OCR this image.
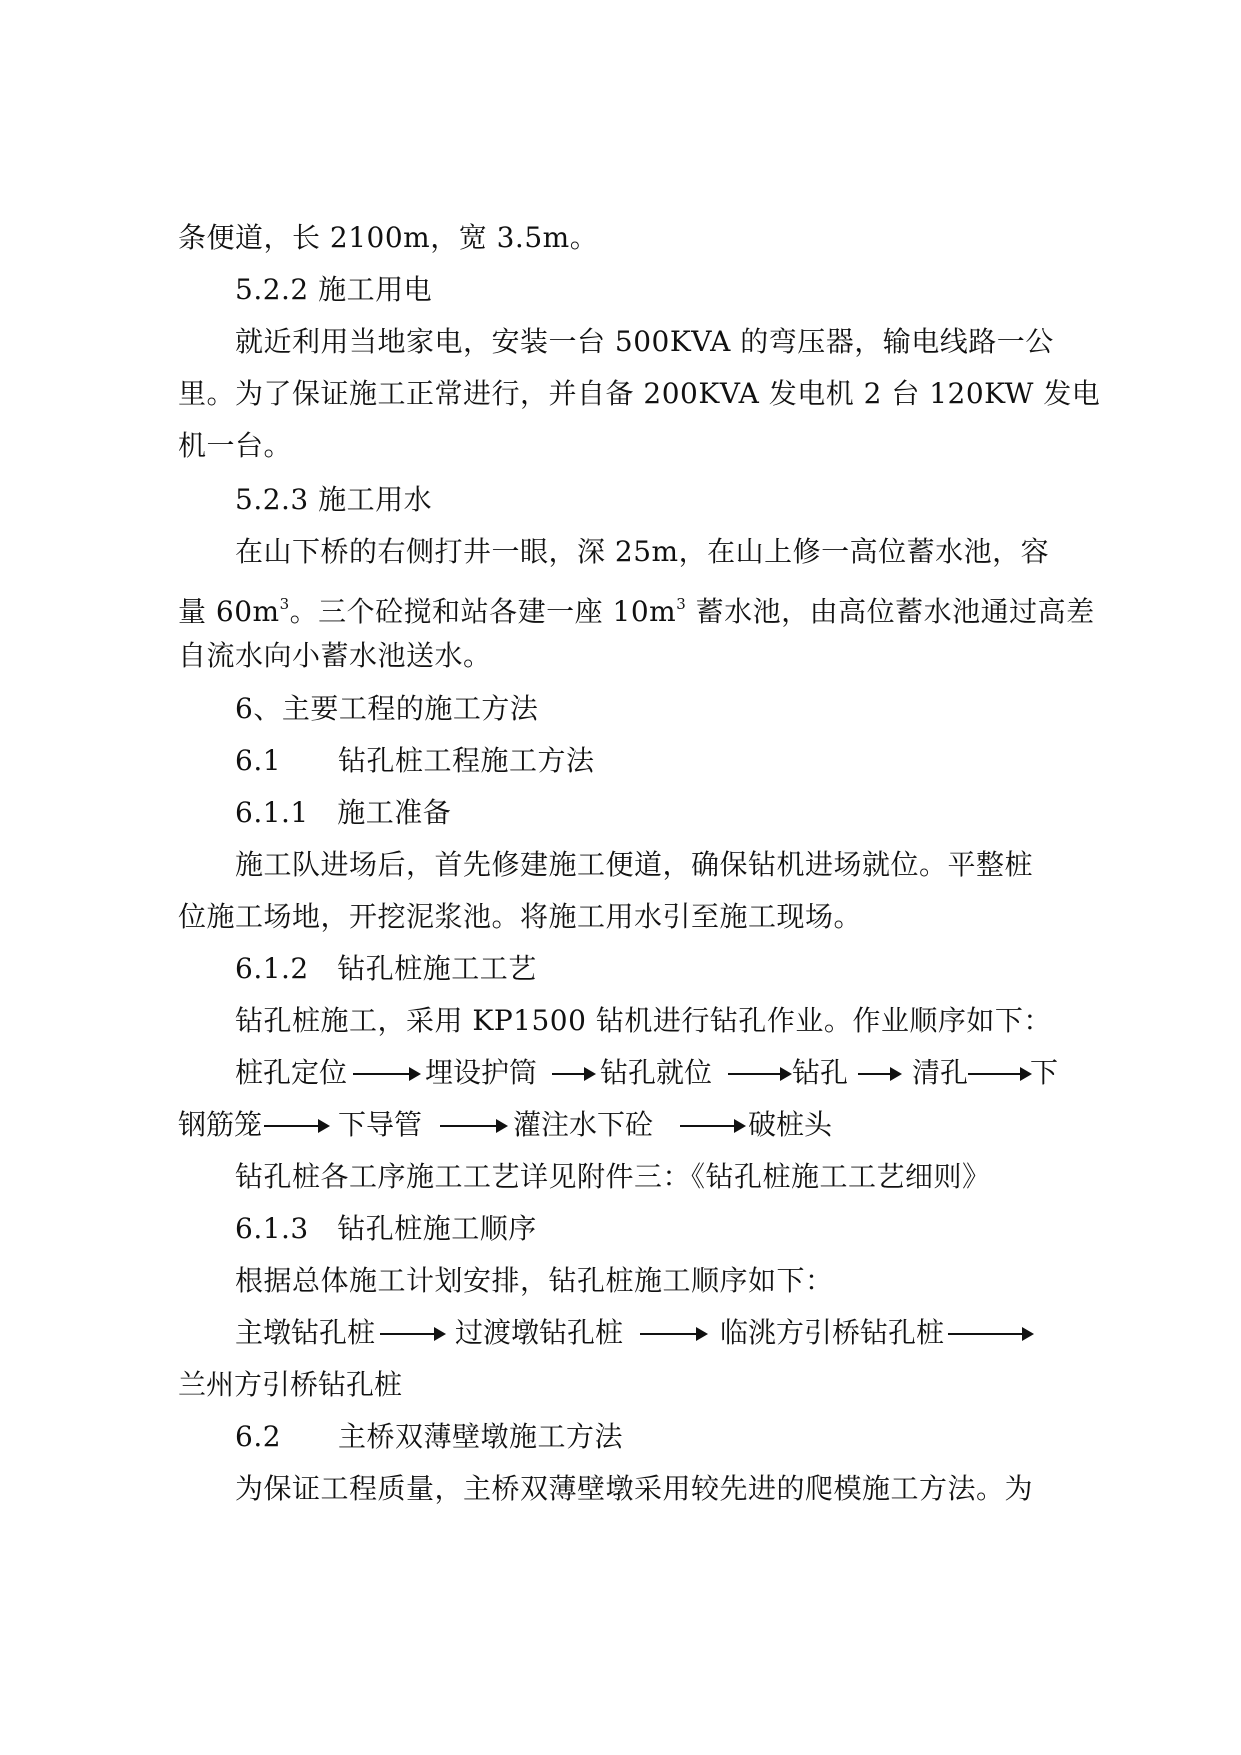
条便道，长 2100m，宽 3.5m。
5.2.2 施工用电
就近利用当地家电，安装一台 500KVA 的弯压器，输电线路一公
里。为了保证施工正常进行，并自备 200KVA 发电机 2 台 120KW 发电
机一台。
5.2.3 施工用水
在山下桥的右侧打井一眼，深 25m，在山上修一高位蓄水池，容
量 $60m^3$。三个砼搅和站各建一座 $10m^3$ 蓄水池，由高位蓄水池通过高差
自流水向小蓄水池送水。
6、主要工程的施工方法
6.1　　钻孔桩工程施工方法
6.1.1　施工准备
施工队进场后，首先修建施工便道，确保钻机进场就位。平整桩
位施工场地，开挖泥浆池。将施工用水引至施工现场。
6.1.2　钻孔桩施工工艺
钻孔桩施工，采用 KP1500 钻机进行钻孔作业。作业顺序如下：
桩孔定位	埋设护筒 钻孔就位	钻孔 清孔 下
钢筋笼	下导管	灌注水下砼	破桩头
钻孔桩各工序施工工艺详见附件三：《钻孔桩施工工艺细则》
6.1.3　钻孔桩施工顺序
根据总体施工计划安排，钻孔桩施工顺序如下：
主墩钻孔桩	过渡墩钻孔桩	临洮方引桥钻孔桩
兰州方引桥钻孔桩
6.2　　主桥双薄壁墩施工方法
为保证工程质量，主桥双薄壁墩采用较先进的爬模施工方法。为
